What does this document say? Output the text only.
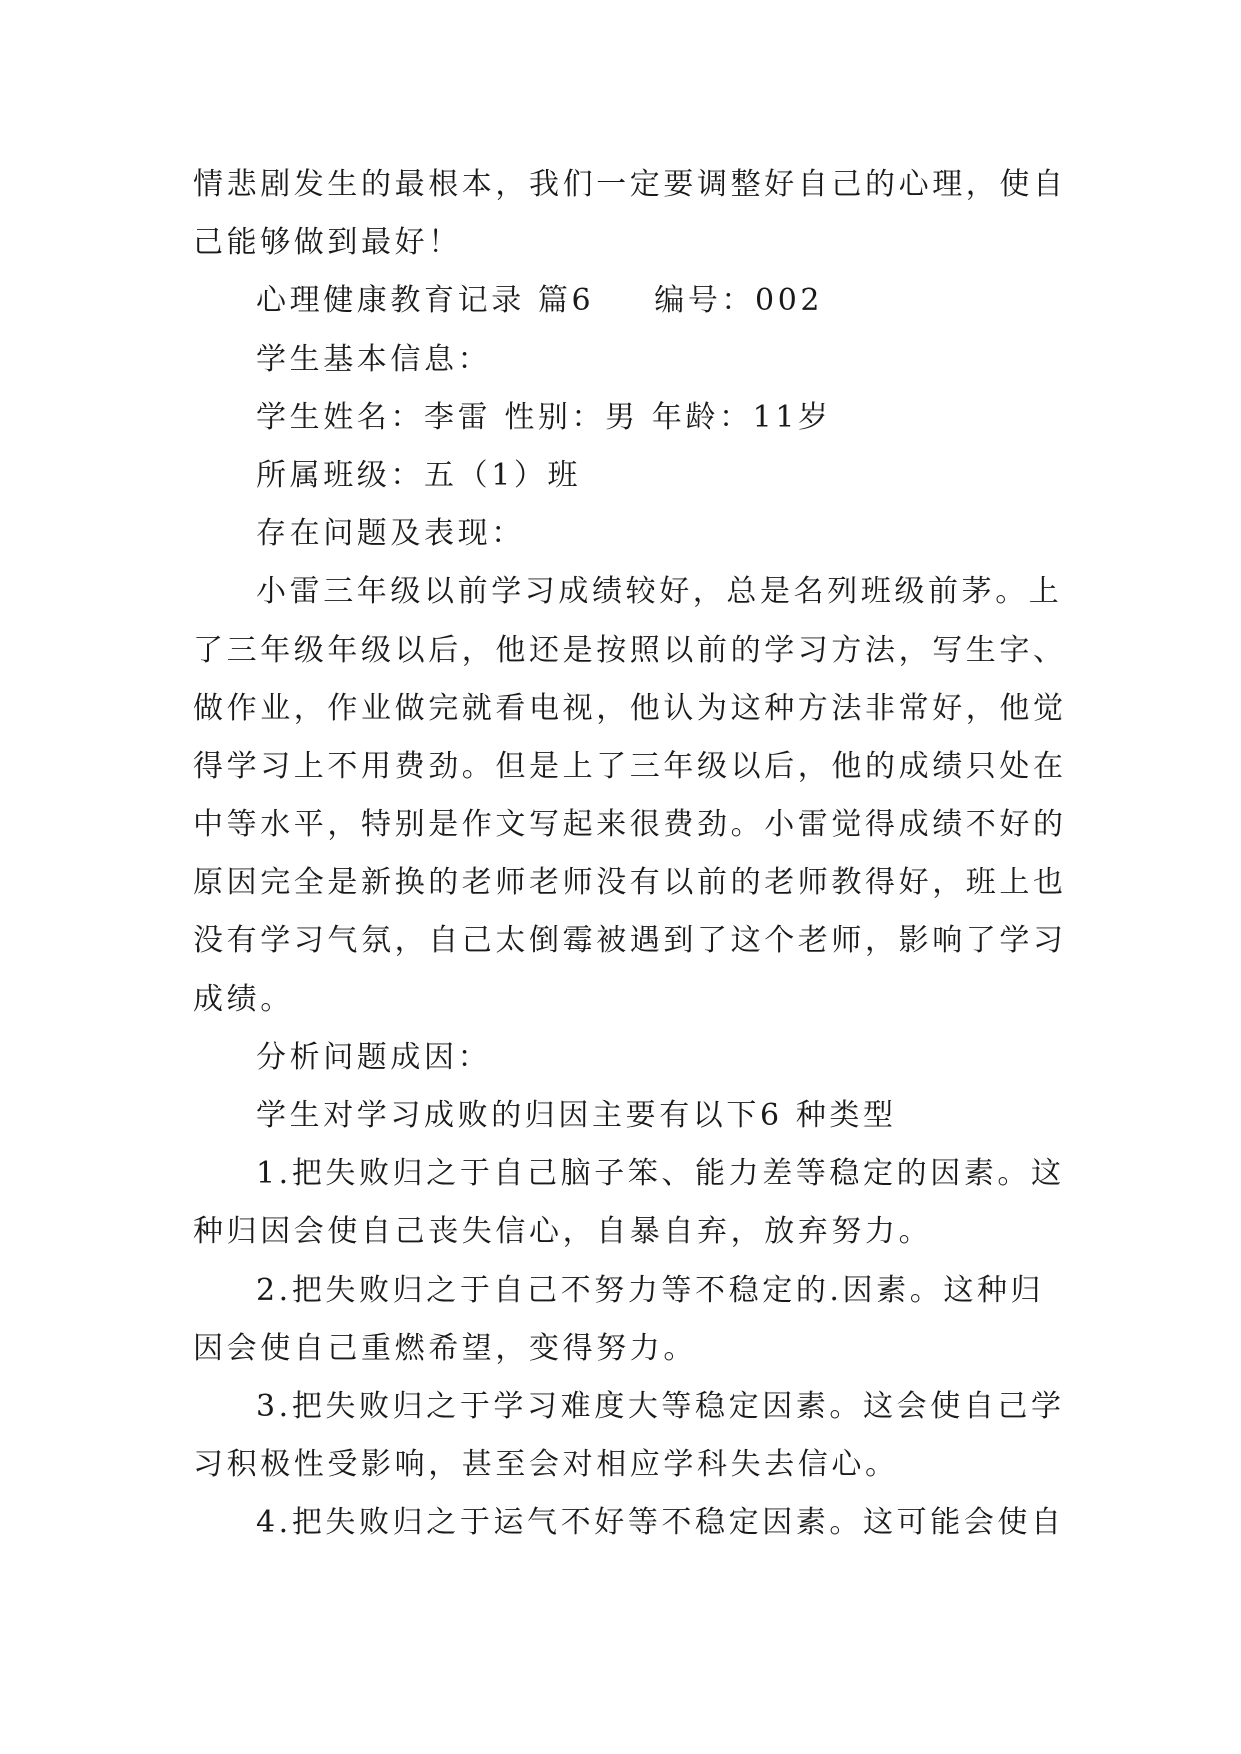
情悲剧发生的最根本，我们一定要调整好自己的心理，使自
己能够做到最好！
心理健康教育记录 篇6 编号：002
学生基本信息：
学生姓名：李雷 性别：男 年龄：11岁
所属班级：五（1）班
存在问题及表现：
小雷三年级以前学习成绩较好，总是名列班级前茅。上
了三年级年级以后，他还是按照以前的学习方法，写生字、
做作业，作业做完就看电视，他认为这种方法非常好，他觉
得学习上不用费劲。但是上了三年级以后，他的成绩只处在
中等水平，特别是作文写起来很费劲。小雷觉得成绩不好的
原因完全是新换的老师老师没有以前的老师教得好，班上也
没有学习气氛，自己太倒霉被遇到了这个老师，影响了学习
成绩。
分析问题成因：
学生对学习成败的归因主要有以下6 种类型
1.把失败归之于自己脑子笨、能力差等稳定的因素。这
种归因会使自己丧失信心，自暴自弃，放弃努力。
2.把失败归之于自己不努力等不稳定的.因素。这种归
因会使自己重燃希望，变得努力。
3.把失败归之于学习难度大等稳定因素。这会使自己学
习积极性受影响，甚至会对相应学科失去信心。
4.把失败归之于运气不好等不稳定因素。这可能会使自
